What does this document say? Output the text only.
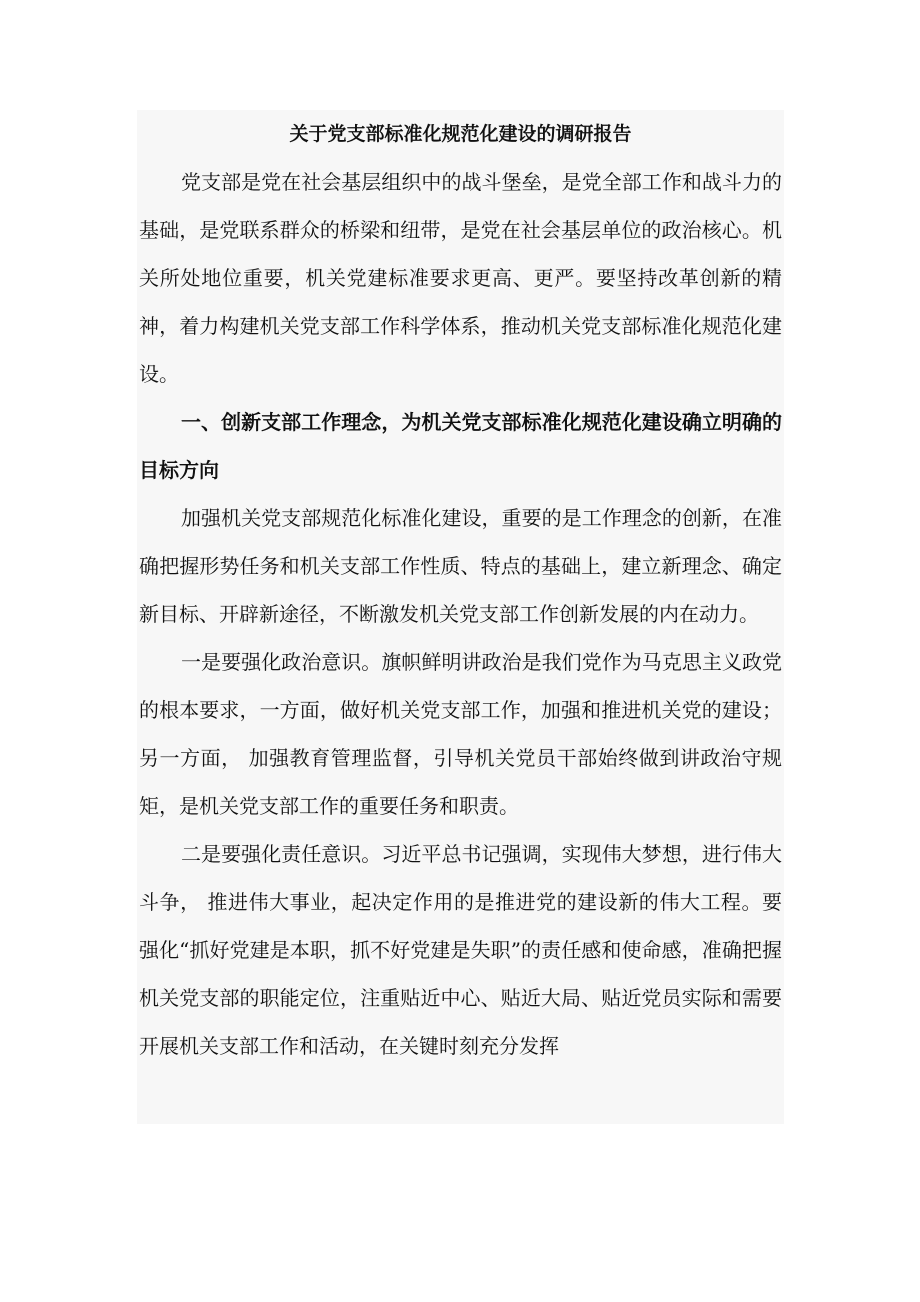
关于党支部标准化规范化建设的调研报告

党支部是党在社会基层组织中的战斗堡垒，是党全部工作和战斗力的基础，是党联系群众的桥梁和纽带，是党在社会基层单位的政治核心。机关所处地位重要，机关党建标准要求更高、更严。要坚持改革创新的精神，着力构建机关党支部工作科学体系，推动机关党支部标准化规范化建设。

一、创新支部工作理念，为机关党支部标准化规范化建设确立明确的目标方向

加强机关党支部规范化标准化建设，重要的是工作理念的创新，在准确把握形势任务和机关支部工作性质、特点的基础上，建立新理念、确定新目标、开辟新途径，不断激发机关党支部工作创新发展的内在动力。

一是要强化政治意识。旗帜鲜明讲政治是我们党作为马克思主义政党的根本要求，一方面，做好机关党支部工作，加强和推进机关党的建设；另一方面， 加强教育管理监督，引导机关党员干部始终做到讲政治守规矩，是机关党支部工作的重要任务和职责。

二是要强化责任意识。习近平总书记强调，实现伟大梦想，进行伟大斗争， 推进伟大事业，起决定作用的是推进党的建设新的伟大工程。要强化“抓好党建是本职，抓不好党建是失职”的责任感和使命感，准确把握机关党支部的职能定位，注重贴近中心、贴近大局、贴近党员实际和需要开展机关支部工作和活动，在关键时刻充分发挥
